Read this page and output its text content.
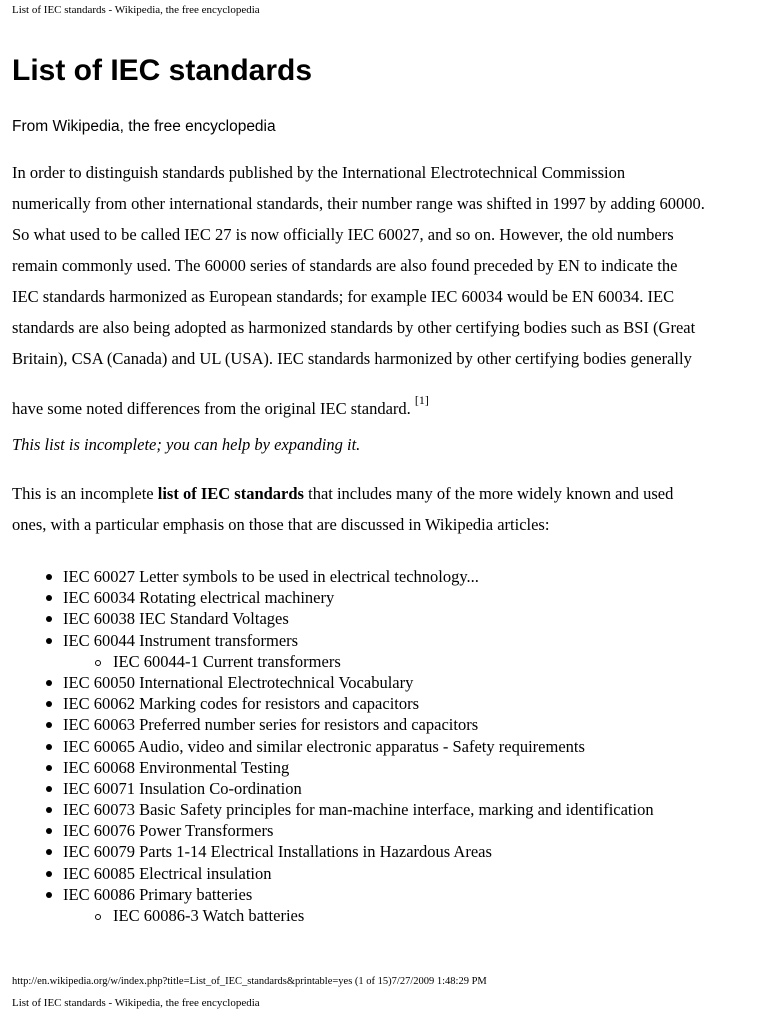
List of IEC standards - Wikipedia, the free encyclopedia
List of IEC standards
From Wikipedia, the free encyclopedia
In order to distinguish standards published by the International Electrotechnical Commission
numerically from other international standards, their number range was shifted in 1997 by adding 60000.
So what used to be called IEC 27 is now officially IEC 60027, and so on. However, the old numbers
remain commonly used. The 60000 series of standards are also found preceded by EN to indicate the
IEC standards harmonized as European standards; for example IEC 60034 would be EN 60034. IEC
standards are also being adopted as harmonized standards by other certifying bodies such as BSI (Great
Britain), CSA (Canada) and UL (USA). IEC standards harmonized by other certifying bodies generally
have some noted differences from the original IEC standard. [1]
This list is incomplete; you can help by expanding it.
This is an incomplete list of IEC standards that includes many of the more widely known and used
ones, with a particular emphasis on those that are discussed in Wikipedia articles:
IEC 60027 Letter symbols to be used in electrical technology...
IEC 60034 Rotating electrical machinery
IEC 60038 IEC Standard Voltages
IEC 60044 Instrument transformers
IEC 60044-1 Current transformers
IEC 60050 International Electrotechnical Vocabulary
IEC 60062 Marking codes for resistors and capacitors
IEC 60063 Preferred number series for resistors and capacitors
IEC 60065 Audio, video and similar electronic apparatus - Safety requirements
IEC 60068 Environmental Testing
IEC 60071 Insulation Co-ordination
IEC 60073 Basic Safety principles for man-machine interface, marking and identification
IEC 60076 Power Transformers
IEC 60079 Parts 1-14 Electrical Installations in Hazardous Areas
IEC 60085 Electrical insulation
IEC 60086 Primary batteries
IEC 60086-3 Watch batteries
http://en.wikipedia.org/w/index.php?title=List_of_IEC_standards&printable=yes (1 of 15)7/27/2009 1:48:29 PM
List of IEC standards - Wikipedia, the free encyclopedia
